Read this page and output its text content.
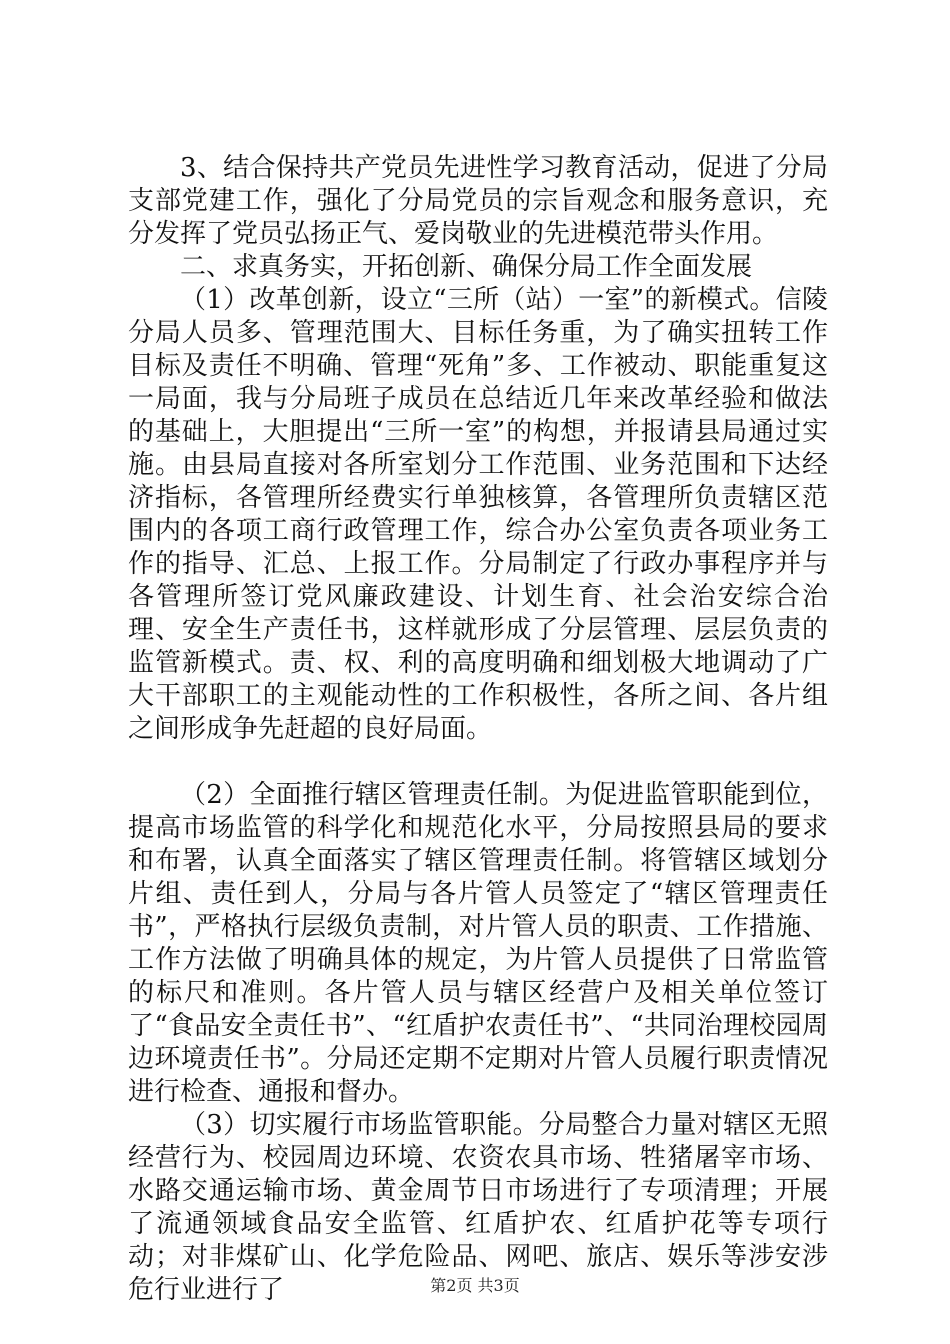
3、结合保持共产党员先进性学习教育活动，促进了分局支部党建工作，强化了分局党员的宗旨观念和服务意识，充分发挥了党员弘扬正气、爱岗敬业的先进模范带头作用。

二、求真务实，开拓创新、确保分局工作全面发展

（1）改革创新，设立“三所（站）一室”的新模式。信陵分局人员多、管理范围大、目标任务重，为了确实扭转工作目标及责任不明确、管理“死角”多、工作被动、职能重复这一局面，我与分局班子成员在总结近几年来改革经验和做法的基础上，大胆提出“三所一室”的构想，并报请县局通过实施。由县局直接对各所室划分工作范围、业务范围和下达经济指标，各管理所经费实行单独核算，各管理所负责辖区范围内的各项工商行政管理工作，综合办公室负责各项业务工作的指导、汇总、上报工作。分局制定了行政办事程序并与各管理所签订党风廉政建设、计划生育、社会治安综合治理、安全生产责任书，这样就形成了分层管理、层层负责的监管新模式。责、权、利的高度明确和细划极大地调动了广大干部职工的主观能动性的工作积极性，各所之间、各片组之间形成争先赶超的良好局面。

（2）全面推行辖区管理责任制。为促进监管职能到位，提高市场监管的科学化和规范化水平，分局按照县局的要求和布署，认真全面落实了辖区管理责任制。将管辖区域划分片组、责任到人，分局与各片管人员签定了“辖区管理责任书”，严格执行层级负责制，对片管人员的职责、工作措施、工作方法做了明确具体的规定，为片管人员提供了日常监管的标尺和准则。各片管人员与辖区经营户及相关单位签订了“食品安全责任书”、“红盾护农责任书”、“共同治理校园周边环境责任书”。分局还定期不定期对片管人员履行职责情况进行检查、通报和督办。

（3）切实履行市场监管职能。分局整合力量对辖区无照经营行为、校园周边环境、农资农具市场、牲猪屠宰市场、水路交通运输市场、黄金周节日市场进行了专项清理；开展了流通领域食品安全监管、红盾护农、红盾护花等专项行动；对非煤矿山、化学危险品、网吧、旅店、娱乐等涉安涉危行业进行了	第2页 共3页
